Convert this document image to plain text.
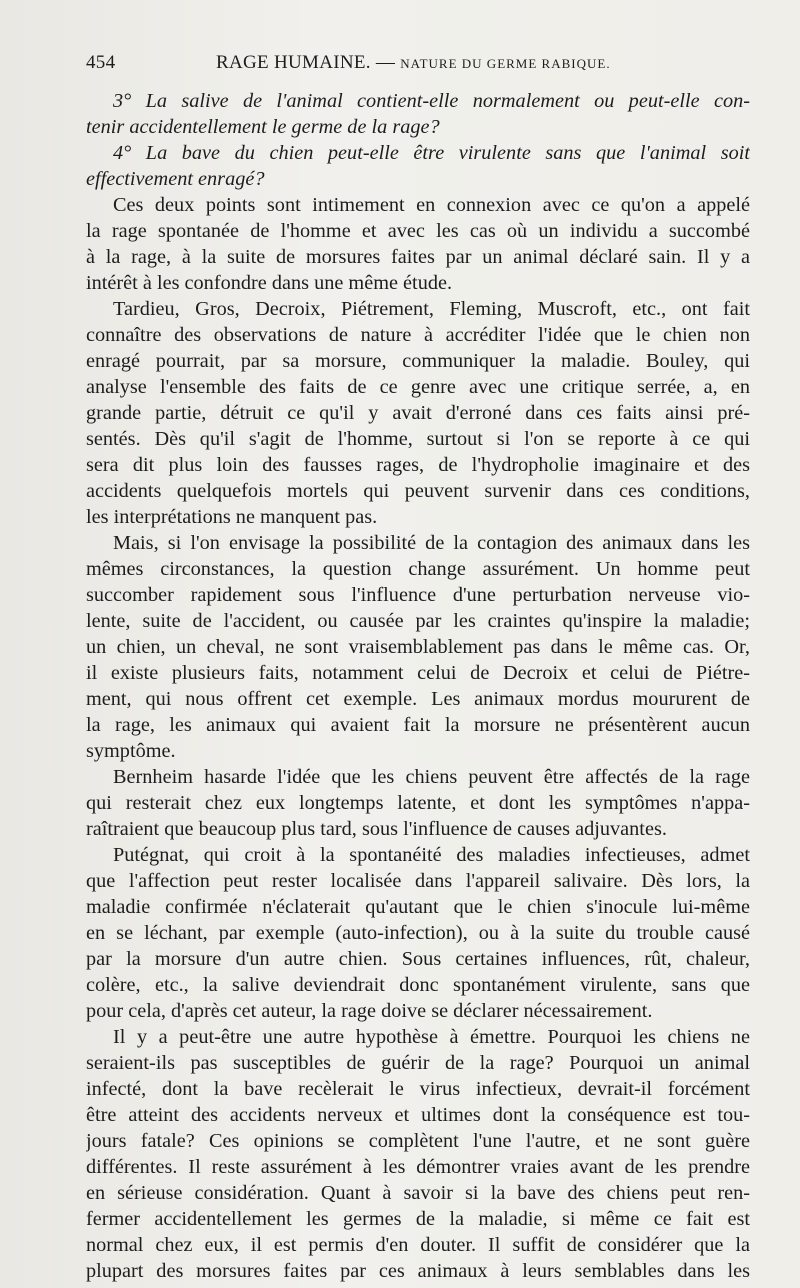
454	RAGE HUMAINE. — NATURE DU GERME RABIQUE.
3° La salive de l'animal contient-elle normalement ou peut-elle con-
tenir accidentellement le germe de la rage?
4° La bave du chien peut-elle être virulente sans que l'animal soit
effectivement enragé?
Ces deux points sont intimement en connexion avec ce qu'on a appelé
la rage spontanée de l'homme et avec les cas où un individu a succombé
à la rage, à la suite de morsures faites par un animal déclaré sain. Il y a
intérêt à les confondre dans une même étude.
Tardieu, Gros, Decroix, Piétrement, Fleming, Muscroft, etc., ont fait
connaître des observations de nature à accréditer l'idée que le chien non
enragé pourrait, par sa morsure, communiquer la maladie. Bouley, qui
analyse l'ensemble des faits de ce genre avec une critique serrée, a, en
grande partie, détruit ce qu'il y avait d'erroné dans ces faits ainsi pré-
sentés. Dès qu'il s'agit de l'homme, surtout si l'on se reporte à ce qui
sera dit plus loin des fausses rages, de l'hydropholie imaginaire et des
accidents quelquefois mortels qui peuvent survenir dans ces conditions,
les interprétations ne manquent pas.
Mais, si l'on envisage la possibilité de la contagion des animaux dans les
mêmes circonstances, la question change assurément. Un homme peut
succomber rapidement sous l'influence d'une perturbation nerveuse vio-
lente, suite de l'accident, ou causée par les craintes qu'inspire la maladie;
un chien, un cheval, ne sont vraisemblablement pas dans le même cas. Or,
il existe plusieurs faits, notamment celui de Decroix et celui de Piétre-
ment, qui nous offrent cet exemple. Les animaux mordus moururent de
la rage, les animaux qui avaient fait la morsure ne présentèrent aucun
symptôme.
Bernheim hasarde l'idée que les chiens peuvent être affectés de la rage
qui resterait chez eux longtemps latente, et dont les symptômes n'appa-
raîtraient que beaucoup plus tard, sous l'influence de causes adjuvantes.
Putégnat, qui croit à la spontanéité des maladies infectieuses, admet
que l'affection peut rester localisée dans l'appareil salivaire. Dès lors, la
maladie confirmée n'éclaterait qu'autant que le chien s'inocule lui-même
en se léchant, par exemple (auto-infection), ou à la suite du trouble causé
par la morsure d'un autre chien. Sous certaines influences, rût, chaleur,
colère, etc., la salive deviendrait donc spontanément virulente, sans que
pour cela, d'après cet auteur, la rage doive se déclarer nécessairement.
Il y a peut-être une autre hypothèse à émettre. Pourquoi les chiens ne
seraient-ils pas susceptibles de guérir de la rage? Pourquoi un animal
infecté, dont la bave recèlerait le virus infectieux, devrait-il forcément
être atteint des accidents nerveux et ultimes dont la conséquence est tou-
jours fatale? Ces opinions se complètent l'une l'autre, et ne sont guère
différentes. Il reste assurément à les démontrer vraies avant de les prendre
en sérieuse considération. Quant à savoir si la bave des chiens peut ren-
fermer accidentellement les germes de la maladie, si même ce fait est
normal chez eux, il est permis d'en douter. Il suffit de considérer que la
plupart des morsures faites par ces animaux à leurs semblables dans les
